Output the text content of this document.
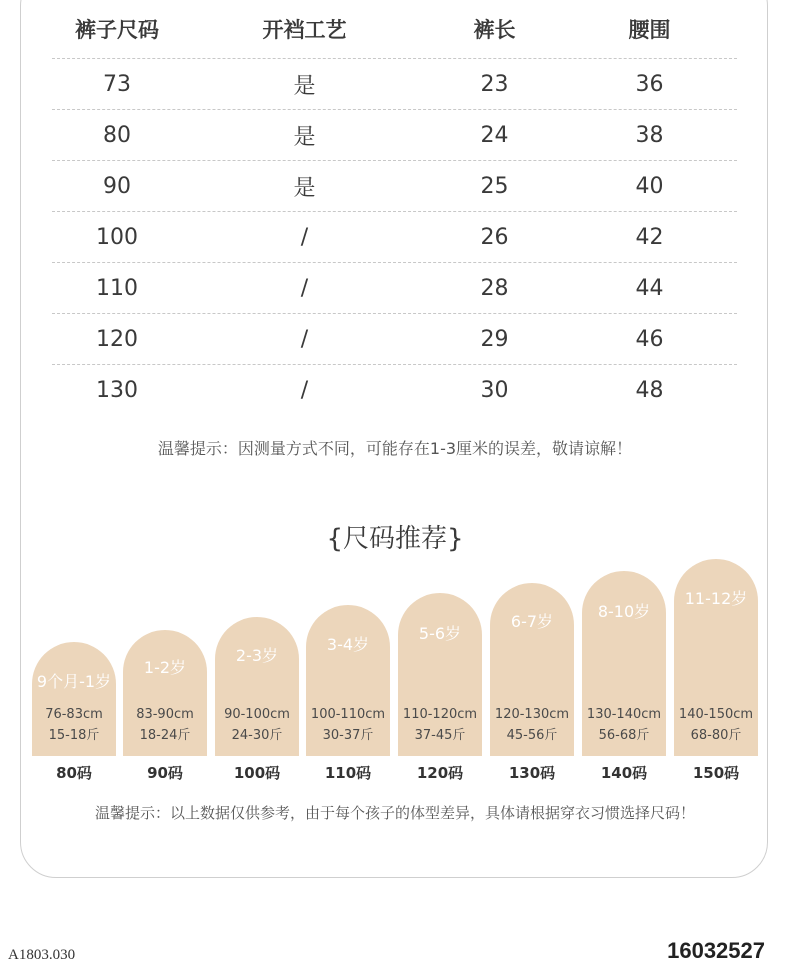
裤子尺码	开裆工艺	裤长	腰围
73	是	23	36
80	是	24	38
90	是	25	40
100	/	26	42
110	/	28	44
120	/	29	46
130	/	30	48
温馨提示：因测量方式不同，可能存在1-3厘米的误差，敬请谅解！
{尺码推荐}
9个月-1岁
76-83cm
15-18斤
1-2岁
83-90cm
18-24斤
2-3岁
90-100cm
24-30斤
3-4岁
100-110cm
30-37斤
5-6岁
110-120cm
37-45斤
6-7岁
120-130cm
45-56斤
8-10岁
130-140cm
56-68斤
11-12岁
140-150cm
68-80斤
80码	90码	100码	110码	120码	130码	140码	150码
温馨提示：以上数据仅供参考，由于每个孩子的体型差异，具体请根据穿衣习惯选择尺码！
A1803.030	16032527
